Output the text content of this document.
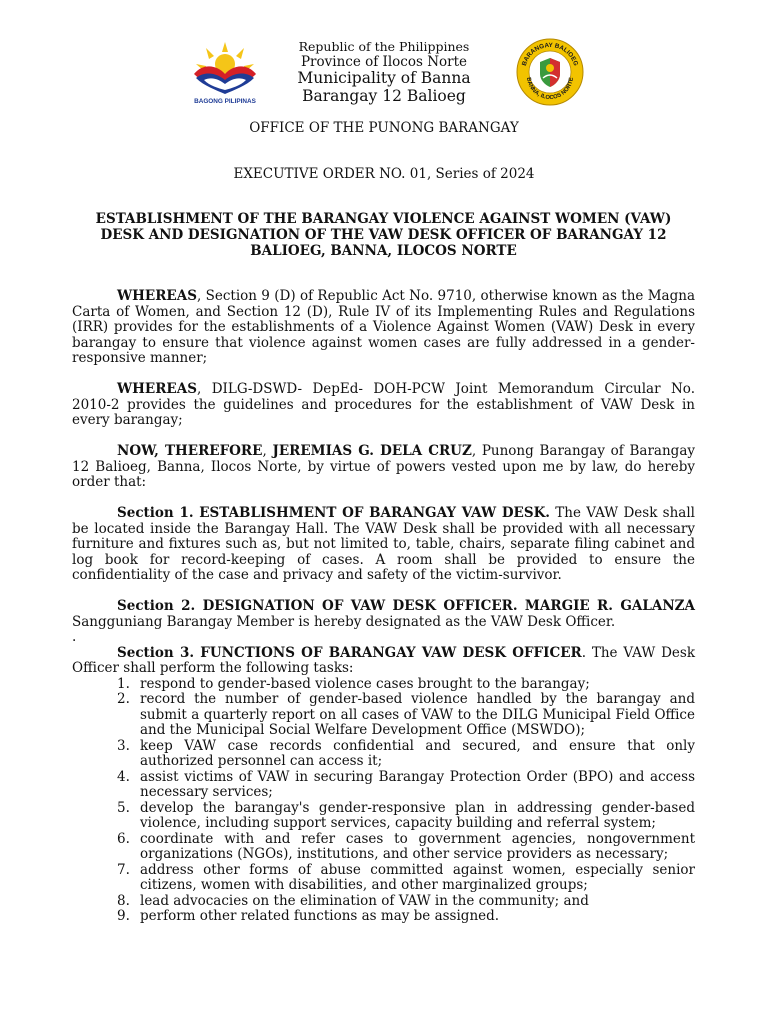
BAGONG PILIPINAS
BARANGAY BALIOEG
BANNA, ILOCOS NORTE
Republic of the Philippines
Province of Ilocos Norte
Municipality of Banna
Barangay 12 Balioeg
OFFICE OF THE PUNONG BARANGAY
EXECUTIVE ORDER NO. 01, Series of 2024
ESTABLISHMENT OF THE BARANGAY VIOLENCE AGAINST WOMEN (VAW) DESK AND DESIGNATION OF THE VAW DESK OFFICER OF BARANGAY 12 BALIOEG, BANNA, ILOCOS NORTE

WHEREAS, Section 9 (D) of Republic Act No. 9710, otherwise known as the Magna Carta of Women, and Section 12 (D), Rule IV of its Implementing Rules and Regulations (IRR) provides for the establishments of a Violence Against Women (VAW) Desk in every barangay to ensure that violence against women cases are fully addressed in a gender-responsive manner;

WHEREAS, DILG-DSWD- DepEd- DOH-PCW Joint Memorandum Circular No. 2010-2 provides the guidelines and procedures for the establishment of VAW Desk in every barangay;

NOW, THEREFORE, JEREMIAS G. DELA CRUZ, Punong Barangay of Barangay 12 Balioeg, Banna, Ilocos Norte, by virtue of powers vested upon me by law, do hereby order that:

Section 1. ESTABLISHMENT OF BARANGAY VAW DESK. The VAW Desk shall be located inside the Barangay Hall. The VAW Desk shall be provided with all necessary furniture and fixtures such as, but not limited to, table, chairs, separate filing cabinet and log book for record-keeping of cases. A room shall be provided to ensure the confidentiality of the case and privacy and safety of the victim-survivor.

Section 2. DESIGNATION OF VAW DESK OFFICER. MARGIE R. GALANZA Sangguniang Barangay Member is hereby designated as the VAW Desk Officer.

.

Section 3. FUNCTIONS OF BARANGAY VAW DESK OFFICER. The VAW Desk Officer shall perform the following tasks:

1. respond to gender-based violence cases brought to the barangay;
2. record the number of gender-based violence handled by the barangay and submit a quarterly report on all cases of VAW to the DILG Municipal Field Office and the Municipal Social Welfare Development Office (MSWDO);
3. keep VAW case records confidential and secured, and ensure that only authorized personnel can access it;
4. assist victims of VAW in securing Barangay Protection Order (BPO) and access necessary services;
5. develop the barangay's gender-responsive plan in addressing gender-based violence, including support services, capacity building and referral system;
6. coordinate with and refer cases to government agencies, nongovernment organizations (NGOs), institutions, and other service providers as necessary;
7. address other forms of abuse committed against women, especially senior citizens, women with disabilities, and other marginalized groups;
8. lead advocacies on the elimination of VAW in the community; and
9. perform other related functions as may be assigned.
